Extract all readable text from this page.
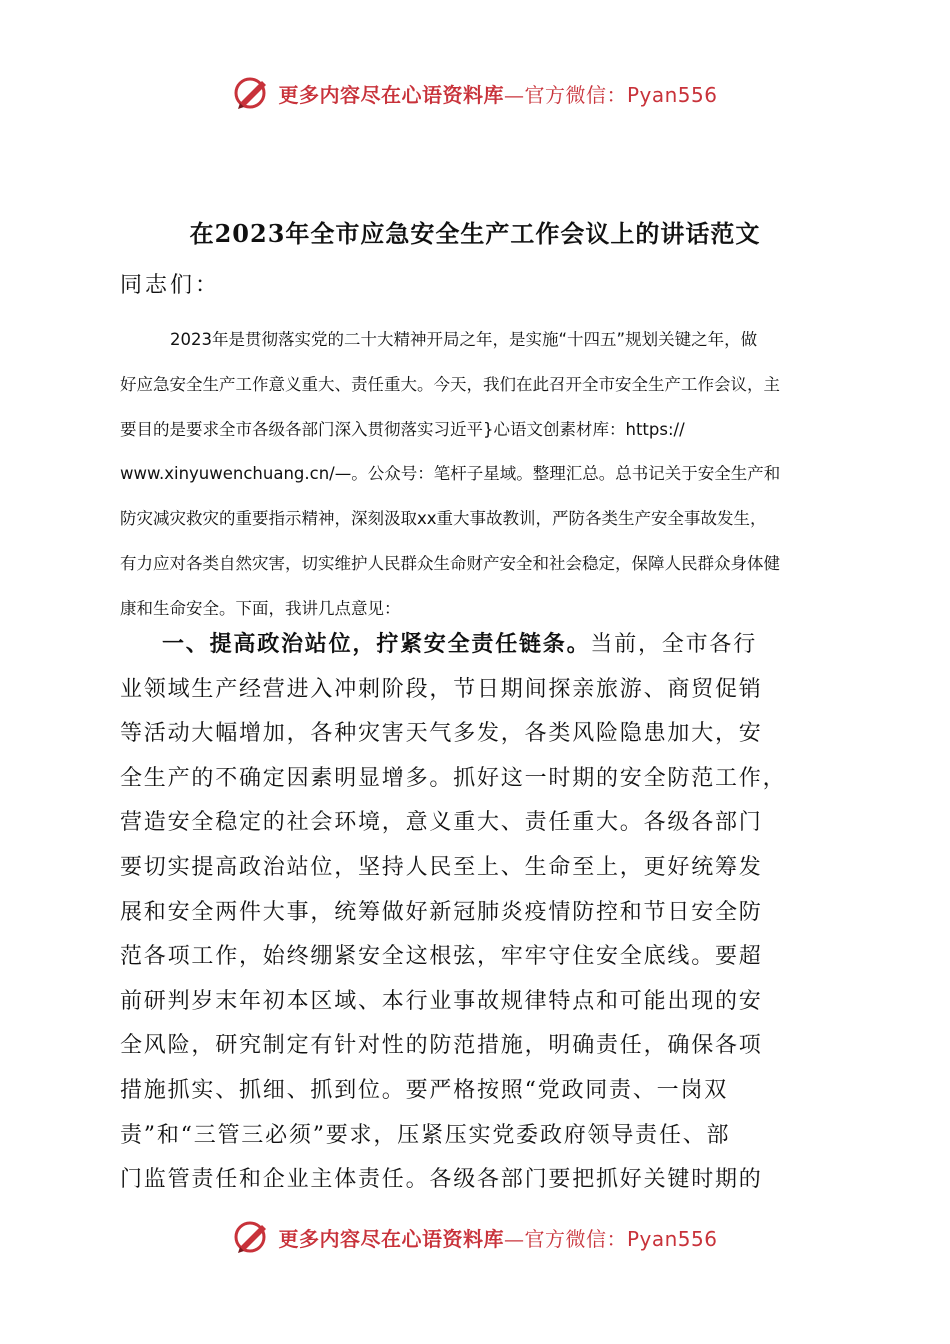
更多内容尽在心语资料库—官方微信：Pyan556
在2023年全市应急安全生产工作会议上的讲话范文
同志们：
2023年是贯彻落实党的二十大精神开局之年，是实施“十四五”规划关键之年，做
好应急安全生产工作意义重大、责任重大。今天，我们在此召开全市安全生产工作会议，主
要目的是要求全市各级各部门深入贯彻落实习近平}心语文创素材库：https://
www.xinyuwenchuang.cn/—。公众号：笔杆子星域。整理汇总。总书记关于安全生产和
防灾减灾救灾的重要指示精神，深刻汲取xx重大事故教训，严防各类生产安全事故发生，
有力应对各类自然灾害，切实维护人民群众生命财产安全和社会稳定，保障人民群众身体健
康和生命安全。下面，我讲几点意见：
一、提高政治站位，拧紧安全责任链条。当前，全市各行
业领域生产经营进入冲刺阶段，节日期间探亲旅游、商贸促销
等活动大幅增加，各种灾害天气多发，各类风险隐患加大，安
全生产的不确定因素明显增多。抓好这一时期的安全防范工作，
营造安全稳定的社会环境，意义重大、责任重大。各级各部门
要切实提高政治站位，坚持人民至上、生命至上，更好统筹发
展和安全两件大事，统筹做好新冠肺炎疫情防控和节日安全防
范各项工作，始终绷紧安全这根弦，牢牢守住安全底线。要超
前研判岁末年初本区域、本行业事故规律特点和可能出现的安
全风险，研究制定有针对性的防范措施，明确责任，确保各项
措施抓实、抓细、抓到位。要严格按照“党政同责、一岗双
责”和“三管三必须”要求，压紧压实党委政府领导责任、部
门监管责任和企业主体责任。各级各部门要把抓好关键时期的
更多内容尽在心语资料库—官方微信：Pyan556
